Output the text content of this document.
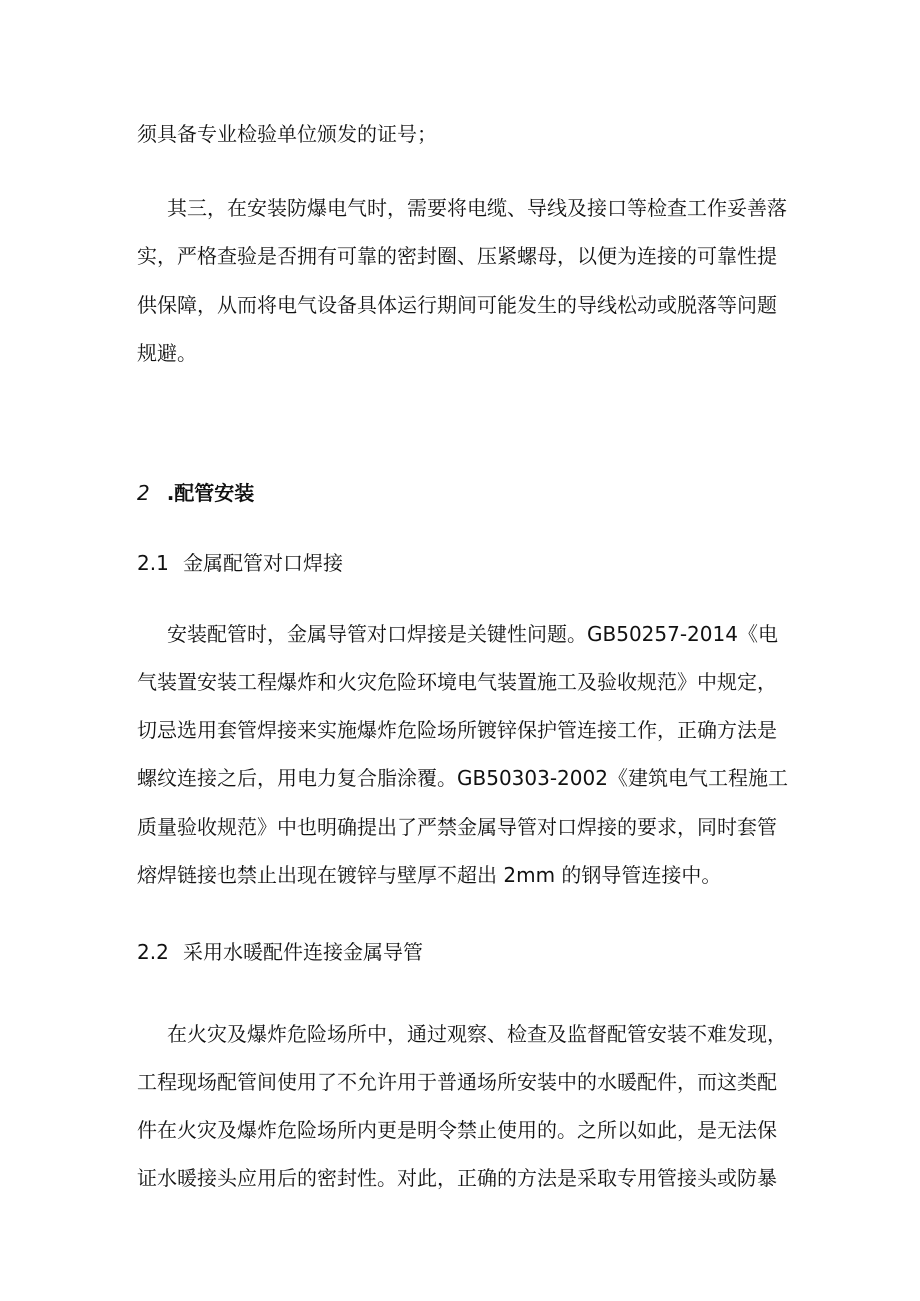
须具备专业检验单位颁发的证号；
其三，在安装防爆电气时，需要将电缆、导线及接口等检查工作妥善落
实，严格查验是否拥有可靠的密封圈、压紧螺母，以便为连接的可靠性提
供保障，从而将电气设备具体运行期间可能发生的导线松动或脱落等问题
规避。
2 .配管安装
2.1 金属配管对口焊接
安装配管时，金属导管对口焊接是关键性问题。GB50257-2014《电
气装置安装工程爆炸和火灾危险环境电气装置施工及验收规范》中规定，
切忌选用套管焊接来实施爆炸危险场所镀锌保护管连接工作，正确方法是
螺纹连接之后，用电力复合脂涂覆。GB50303-2002《建筑电气工程施工
质量验收规范》中也明确提出了严禁金属导管对口焊接的要求，同时套管
熔焊链接也禁止出现在镀锌与壁厚不超出 2mm 的钢导管连接中。
2.2 采用水暖配件连接金属导管
在火灾及爆炸危险场所中，通过观察、检查及监督配管安装不难发现，
工程现场配管间使用了不允许用于普通场所安装中的水暖配件，而这类配
件在火灾及爆炸危险场所内更是明令禁止使用的。之所以如此，是无法保
证水暖接头应用后的密封性。对此，正确的方法是采取专用管接头或防暴
